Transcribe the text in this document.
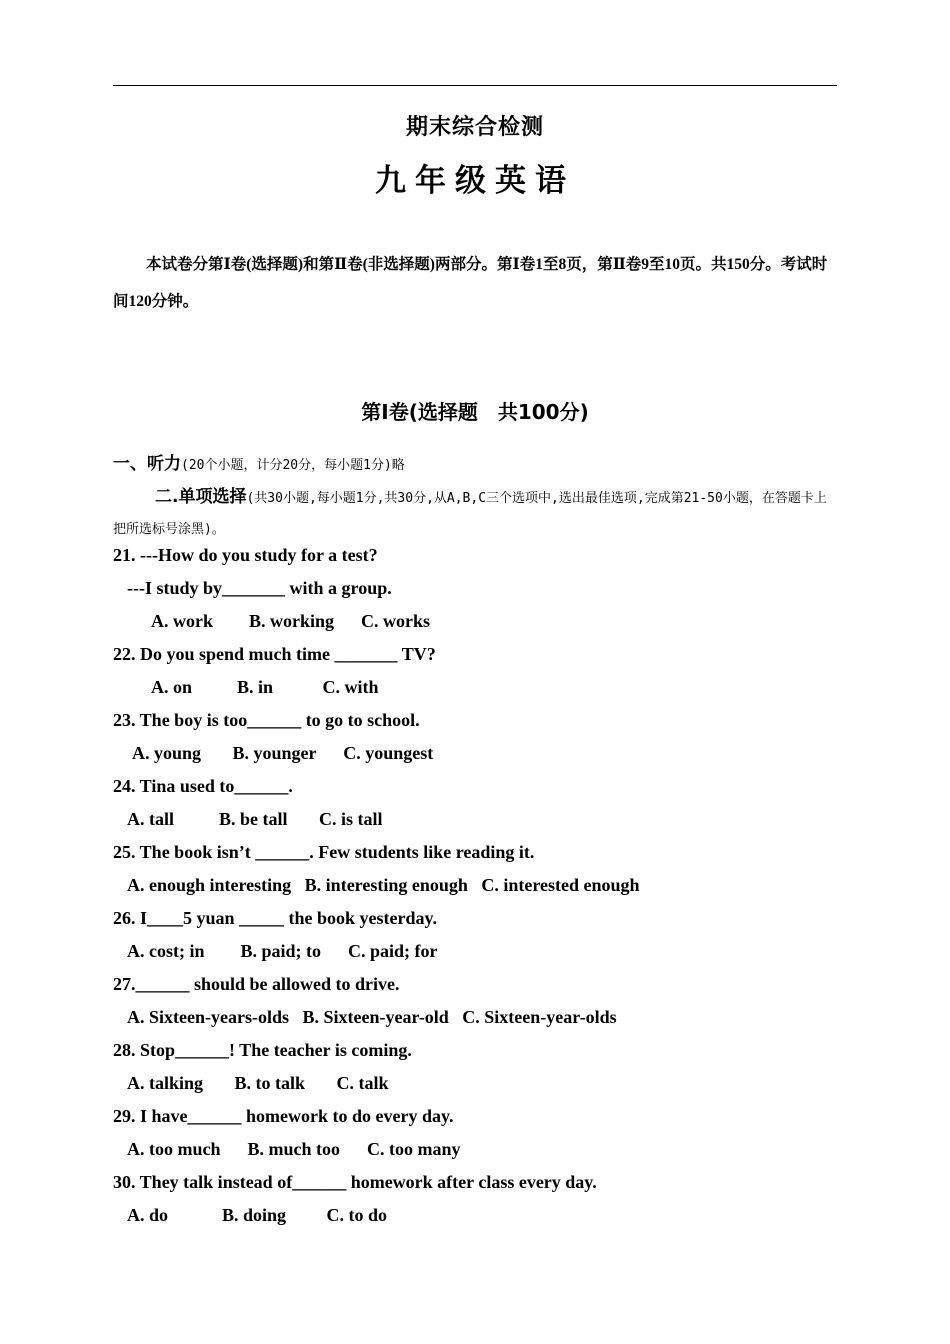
期末综合检测
九年级英语
本试卷分第Ⅰ卷(选择题)和第Ⅱ卷(非选择题)两部分。第Ⅰ卷1至8页，第Ⅱ卷9至10页。共150分。考试时间120分钟。
第Ⅰ卷(选择题　共100分)
一、听力(20个小题，计分20分，每小题1分)略
二.单项选择(共30小题,每小题1分,共30分,从A,B,C三个选项中,选出最佳选项,完成第21-50小题，在答题卡上把所选标号涂黑)。
21. ---How do you study for a test?
---I study by_______ with a group.
A. work        B. working      C. works
22. Do you spend much time _______ TV?
A. on          B. in           C. with
23. The boy is too______ to go to school.
A. young       B. younger      C. youngest
24. Tina used to______.
A. tall          B. be tall       C. is tall
25. The book isn’t ______. Few students like reading it.
A. enough interesting   B. interesting enough   C. interested enough
26. I____5 yuan _____ the book yesterday.
A. cost; in        B. paid; to      C. paid; for
27.______ should be allowed to drive.
A. Sixteen-years-olds   B. Sixteen-year-old   C. Sixteen-year-olds
28. Stop______! The teacher is coming.
A. talking       B. to talk       C. talk
29. I have______ homework to do every day.
A. too much      B. much too      C. too many
30. They talk instead of______ homework after class every day.
A. do            B. doing         C. to do
